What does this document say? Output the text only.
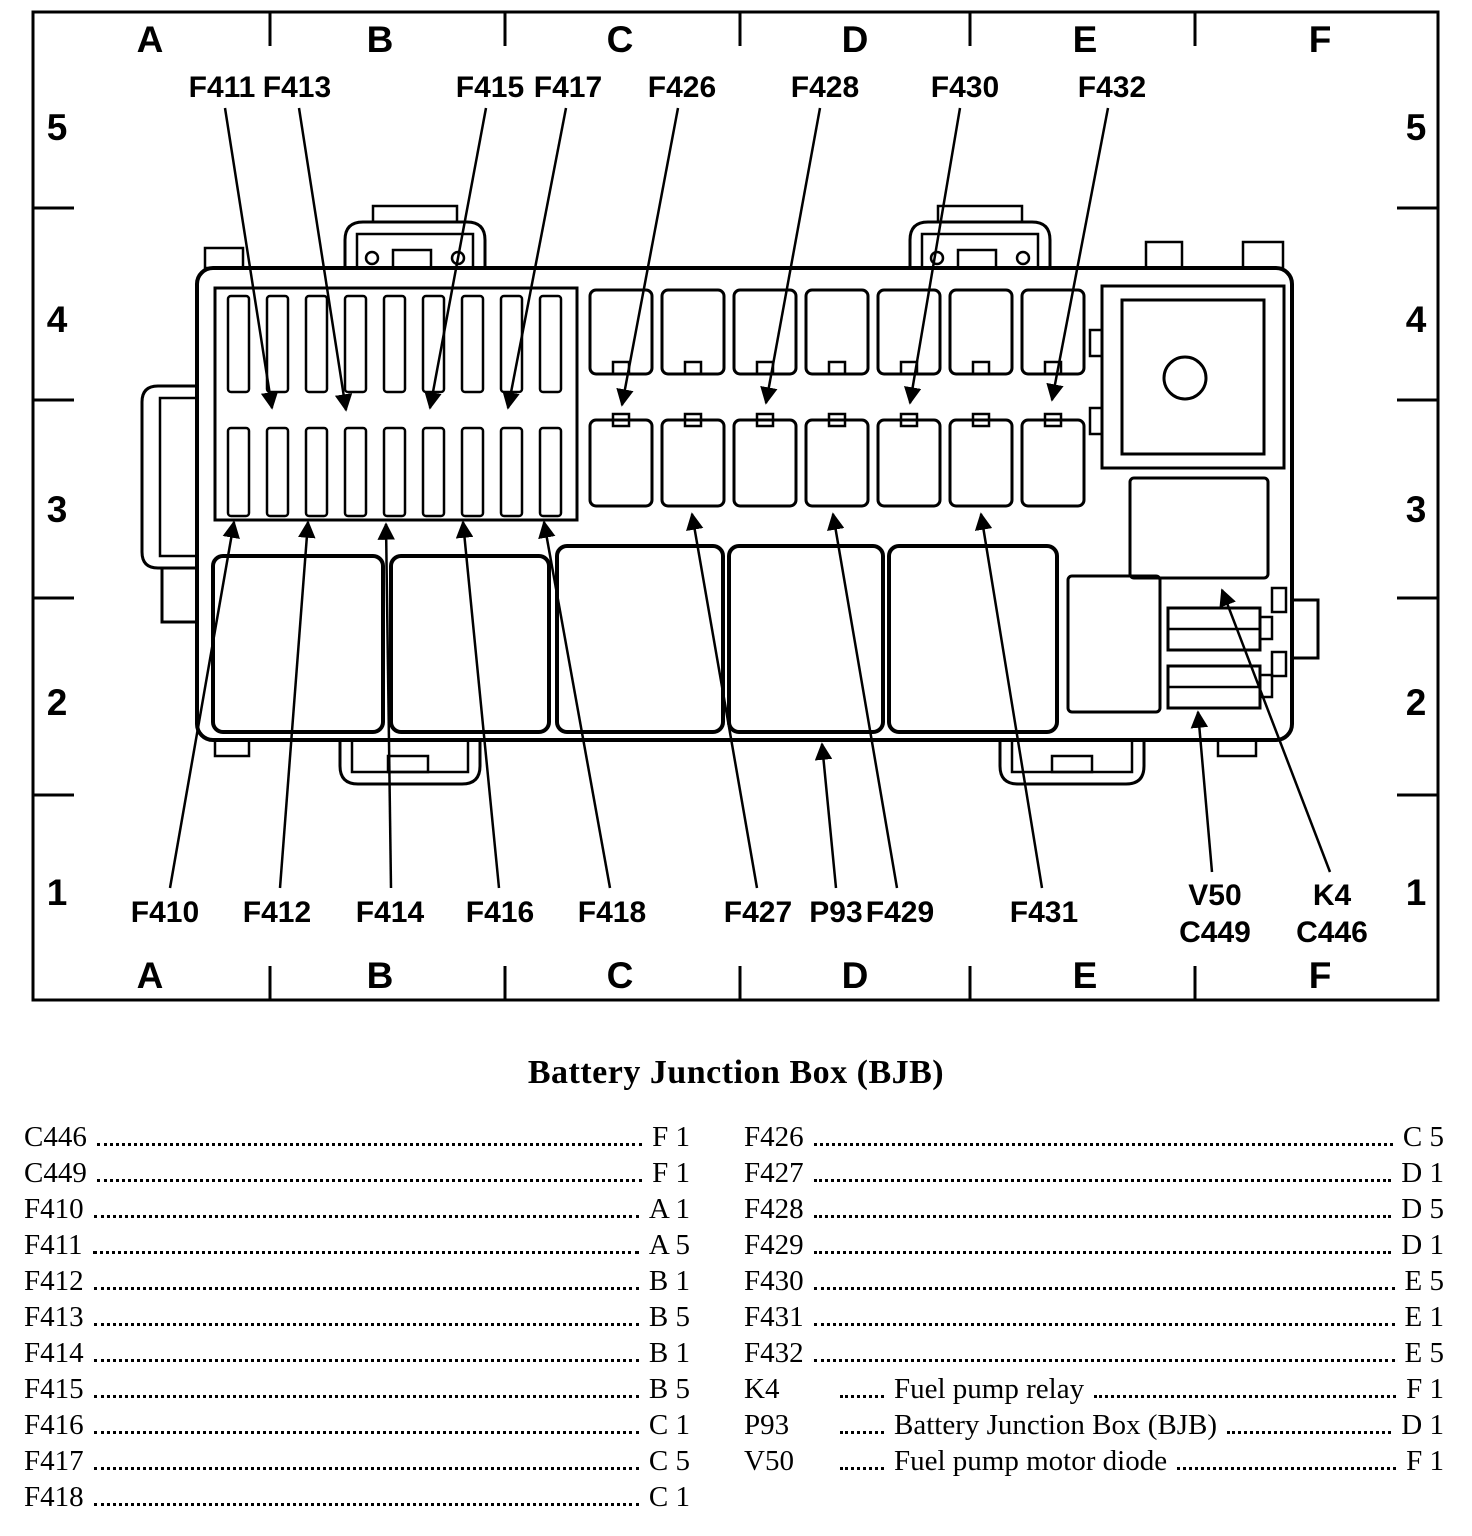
A	B	C	D	E	F
A	B	C	D	E	F
5
4
3
2
1
5
4
3
2
1
F411 F413	F415 F417 F426 F428 F430	F432
F410 F412 F414 F416 F418	F427 P93 F429	F431
V50
C449
K4
C446
Battery Junction Box (BJB)
C446	F 1
C449	F 1
F410	A 1
F411	A 5
F412	B 1
F413	B 5
F414	B 1
F415	B 5
F416	C 1
F417	C 5
F418	C 1
F426	C 5
F427	D 1
F428	D 5
F429	D 1
F430	E 5
F431	E 1
F432	E 5
K4	Fuel pump relay	F 1
P93	Battery Junction Box (BJB)	D 1
V50	Fuel pump motor diode	F 1
